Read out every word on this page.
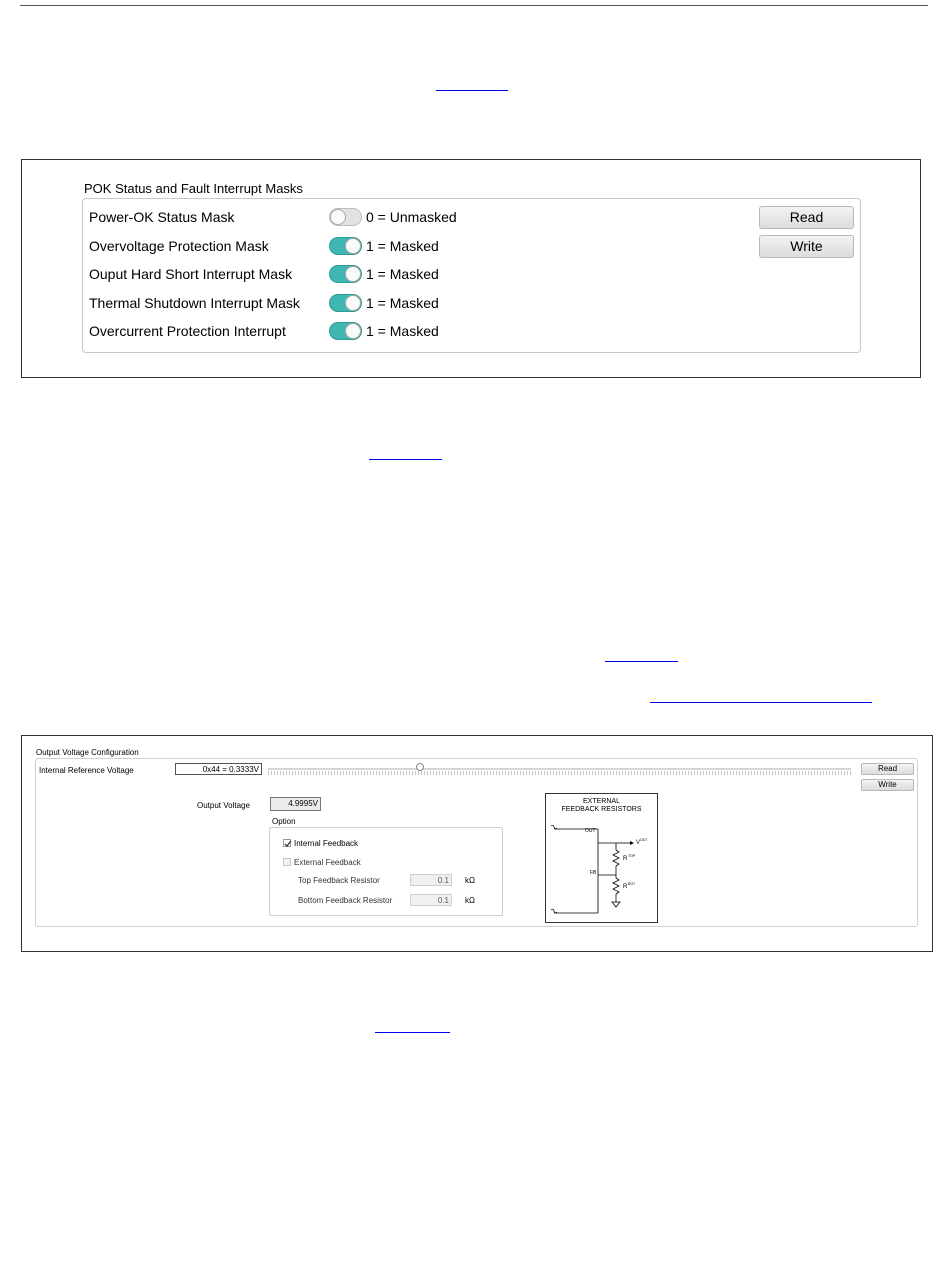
POK Status and Fault Interrupt Masks
Power-OK Status Mask	0 = Unmasked
Overvoltage Protection Mask	1 = Masked
Ouput Hard Short Interrupt Mask	1 = Masked
Thermal Shutdown Interrupt Mask	1 = Masked
Overcurrent Protection Interrupt	1 = Masked
Read
Write
Output Voltage Configuration
Internal Reference Voltage	0x44 = 0.3333V	Read
Write
Output Voltage	4.9995V
Option
Internal Feedback
External Feedback
Top Feedback Resistor	0.1	kΩ
Bottom Feedback Resistor	0.1	kΩ
EXTERNAL
FEEDBACK RESISTORS
OUT
FB
V OUT
R TOP
R BOT
